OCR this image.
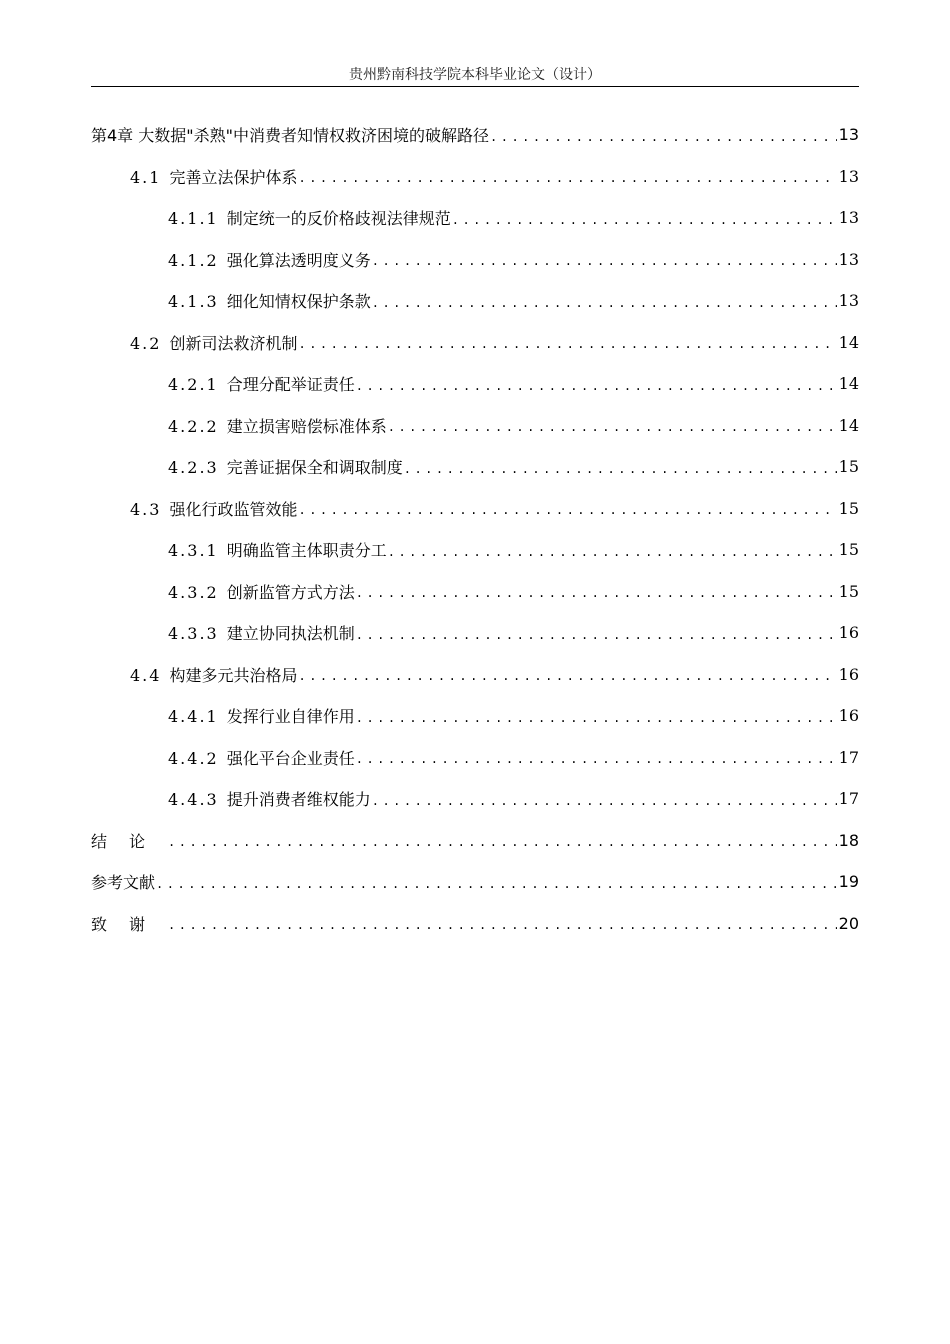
贵州黔南科技学院本科毕业论文（设计）
第4章 大数据"杀熟"中消费者知情权救济困境的破解路径 .....	13
4.1 完善立法保护体系 .....	13
4.1.1 制定统一的反价格歧视法律规范 .....	13
4.1.2 强化算法透明度义务 .....	13
4.1.3 细化知情权保护条款 .....	13
4.2 创新司法救济机制 .....	14
4.2.1 合理分配举证责任 .....	14
4.2.2 建立损害赔偿标准体系 .....	14
4.2.3 完善证据保全和调取制度 .....	15
4.3 强化行政监管效能 .....	15
4.3.1 明确监管主体职责分工 .....	15
4.3.2 创新监管方式方法 .....	15
4.3.3 建立协同执法机制 .....	16
4.4 构建多元共治格局 .....	16
4.4.1 发挥行业自律作用 .....	16
4.4.2 强化平台企业责任 .....	17
4.4.3 提升消费者维权能力 .....	17
结论 .....	18
参考文献 .....	19
致谢 .....	20
